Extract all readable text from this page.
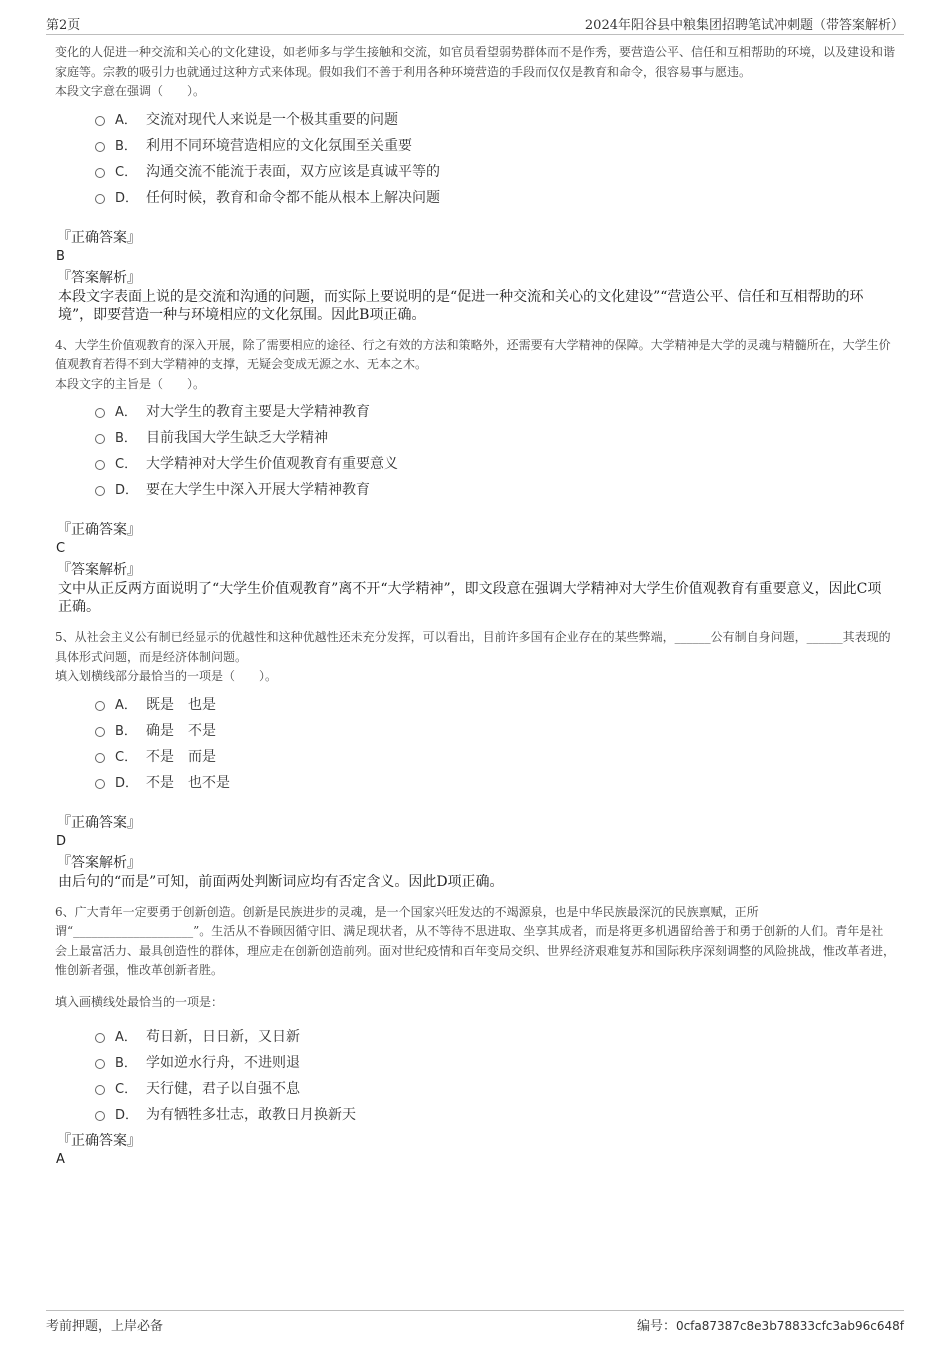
第2页	2024年阳谷县中粮集团招聘笔试冲刺题（带答案解析）

变化的人促进一种交流和关心的文化建设，如老师多与学生接触和交流，如官员看望弱势群体而不是作秀，要营造公平、信任和互相帮助的环境，以及建设和谐家庭等。宗教的吸引力也就通过这种方式来体现。假如我们不善于利用各种环境营造的手段而仅仅是教育和命令，很容易事与愿违。

本段文字意在强调（　　）。

A． 交流对现代人来说是一个极其重要的问题
B． 利用不同环境营造相应的文化氛围至关重要
C． 沟通交流不能流于表面，双方应该是真诚平等的
D． 任何时候，教育和命令都不能从根本上解决问题
『正确答案』
B
『答案解析』
本段文字表面上说的是交流和沟通的问题，而实际上要说明的是“促进一种交流和关心的文化建设”“营造公平、信任和互相帮助的环境”，即要营造一种与环境相应的文化氛围。因此B项正确。

4、大学生价值观教育的深入开展，除了需要相应的途径、行之有效的方法和策略外，还需要有大学精神的保障。大学精神是大学的灵魂与精髓所在，大学生价值观教育若得不到大学精神的支撑，无疑会变成无源之水、无本之木。

本段文字的主旨是（　　）。

A． 对大学生的教育主要是大学精神教育
B． 目前我国大学生缺乏大学精神
C． 大学精神对大学生价值观教育有重要意义
D． 要在大学生中深入开展大学精神教育
『正确答案』
C
『答案解析』
文中从正反两方面说明了“大学生价值观教育”离不开“大学精神”，即文段意在强调大学精神对大学生价值观教育有重要意义，因此C项正确。

5、从社会主义公有制已经显示的优越性和这种优越性还未充分发挥，可以看出，目前许多国有企业存在的某些弊端，______公有制自身问题，______其表现的具体形式问题，而是经济体制问题。

填入划横线部分最恰当的一项是（　　）。

A． 既是　也是
B． 确是　不是
C． 不是　而是
D． 不是　也不是
『正确答案』
D
『答案解析』
由后句的“而是”可知，前面两处判断词应均有否定含义。因此D项正确。

6、广大青年一定要勇于创新创造。创新是民族进步的灵魂，是一个国家兴旺发达的不竭源泉，也是中华民族最深沉的民族禀赋，正所谓“____________________”。生活从不眷顾因循守旧、满足现状者，从不等待不思进取、坐享其成者，而是将更多机遇留给善于和勇于创新的人们。青年是社会上最富活力、最具创造性的群体，理应走在创新创造前列。面对世纪疫情和百年变局交织、世界经济艰难复苏和国际秩序深刻调整的风险挑战，惟改革者进，惟创新者强，惟改革创新者胜。

填入画横线处最恰当的一项是：

A． 苟日新，日日新，又日新
B． 学如逆水行舟，不进则退
C． 天行健，君子以自强不息
D． 为有牺牲多壮志，敢教日月换新天
『正确答案』
A
考前押题，上岸必备	编号：0cfa87387c8e3b78833cfc3ab96c648f
